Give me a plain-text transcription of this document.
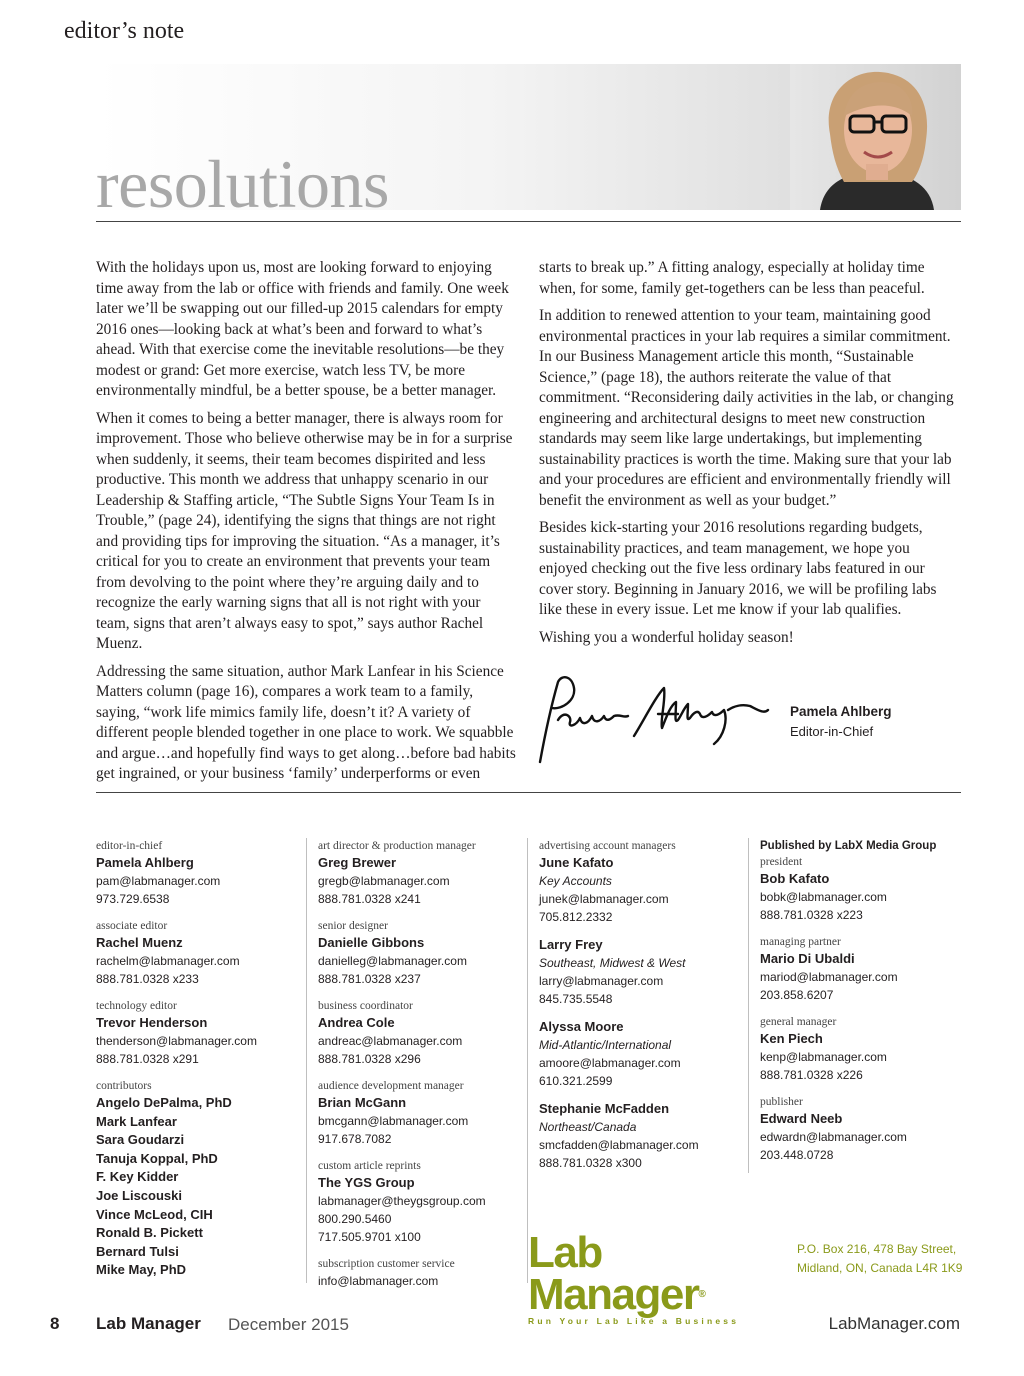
editor’s note
resolutions

With the holidays upon us, most are looking forward to enjoying time away from the lab or office with friends and family. One week later we’ll be swapping out our filled-up 2015 calendars for empty 2016 ones—looking back at what’s been and forward to what’s ahead. With that exercise come the inevitable resolutions—be they modest or grand: Get more exercise, watch less TV, be more environmentally mindful, be a better spouse, be a better manager.

When it comes to being a better manager, there is always room for improvement. Those who believe otherwise may be in for a surprise when suddenly, it seems, their team becomes dispirited and less productive. This month we address that unhappy scenario in our Leadership & Staffing article, “The Subtle Signs Your Team Is in Trouble,” (page 24), identifying the signs that things are not right and providing tips for improving the situation. “As a manager, it’s critical for you to create an environment that prevents your team from devolving to the point where they’re arguing daily and to recognize the early warning signs that all is not right with your team, signs that aren’t always easy to spot,” says author Rachel Muenz.

Addressing the same situation, author Mark Lanfear in his Science Matters column (page 16), compares a work team to a family, saying, “work life mimics family life, doesn’t it? A variety of different people blended together in one place to work. We squabble and argue…and hopefully find ways to get along…before bad habits get ingrained, or your business ‘family’ underperforms or even

starts to break up.” A fitting analogy, especially at holiday time when, for some, family get-togethers can be less than peaceful.

In addition to renewed attention to your team, maintaining good environmental practices in your lab requires a similar commitment. In our Business Management article this month, “Sustainable Science,” (page 18), the authors reiterate the value of that commitment. “Reconsidering daily activities in the lab, or changing engineering and architectural designs to meet new construction standards may seem like large undertakings, but implementing sustainability practices is worth the time. Making sure that your lab and your procedures are efficient and environmentally friendly will benefit the environment as well as your budget.”

Besides kick-starting your 2016 resolutions regarding budgets, sustainability practices, and team management, we hope you enjoyed checking out the five less ordinary labs featured in our cover story. Beginning in January 2016, we will be profiling labs like these in every issue. Let me know if your lab qualifies.

Wishing you a wonderful holiday season!

Pamela Ahlberg
Editor-in-Chief
editor-in-chief
Pamela Ahlberg
pam@labmanager.com
973.729.6538
associate editor
Rachel Muenz
rachelm@labmanager.com
888.781.0328 x233
technology editor
Trevor Henderson
thenderson@labmanager.com
888.781.0328 x291
contributors
Angelo DePalma, PhD
Mark Lanfear
Sara Goudarzi
Tanuja Koppal, PhD
F. Key Kidder
Joe Liscouski
Vince McLeod, CIH
Ronald B. Pickett
Bernard Tulsi
Mike May, PhD
art director & production manager
Greg Brewer
gregb@labmanager.com
888.781.0328 x241
senior designer
Danielle Gibbons
danielleg@labmanager.com
888.781.0328 x237
business coordinator
Andrea Cole
andreac@labmanager.com
888.781.0328 x296
audience development manager
Brian McGann
bmcgann@labmanager.com
917.678.7082
custom article reprints
The YGS Group
labmanager@theygsgroup.com
800.290.5460
717.505.9701 x100
subscription customer service
info@labmanager.com
advertising account managers
June Kafato
Key Accounts
junek@labmanager.com
705.812.2332
Larry Frey
Southeast, Midwest & West
larry@labmanager.com
845.735.5548
Alyssa Moore
Mid-Atlantic/International
amoore@labmanager.com
610.321.2599
Stephanie McFadden
Northeast/Canada
smcfadden@labmanager.com
888.781.0328 x300
Published by LabX Media Group
president
Bob Kafato
bobk@labmanager.com
888.781.0328 x223
managing partner
Mario Di Ubaldi
mariod@labmanager.com
203.858.6207
general manager
Ken Piech
kenp@labmanager.com
888.781.0328 x226
publisher
Edward Neeb
edwardn@labmanager.com
203.448.0728
Lab Manager®
Run Your Lab Like a Business
P.O. Box 216, 478 Bay Street,
Midland, ON, Canada L4R 1K9
8 Lab Manager December 2015	LabManager.com
